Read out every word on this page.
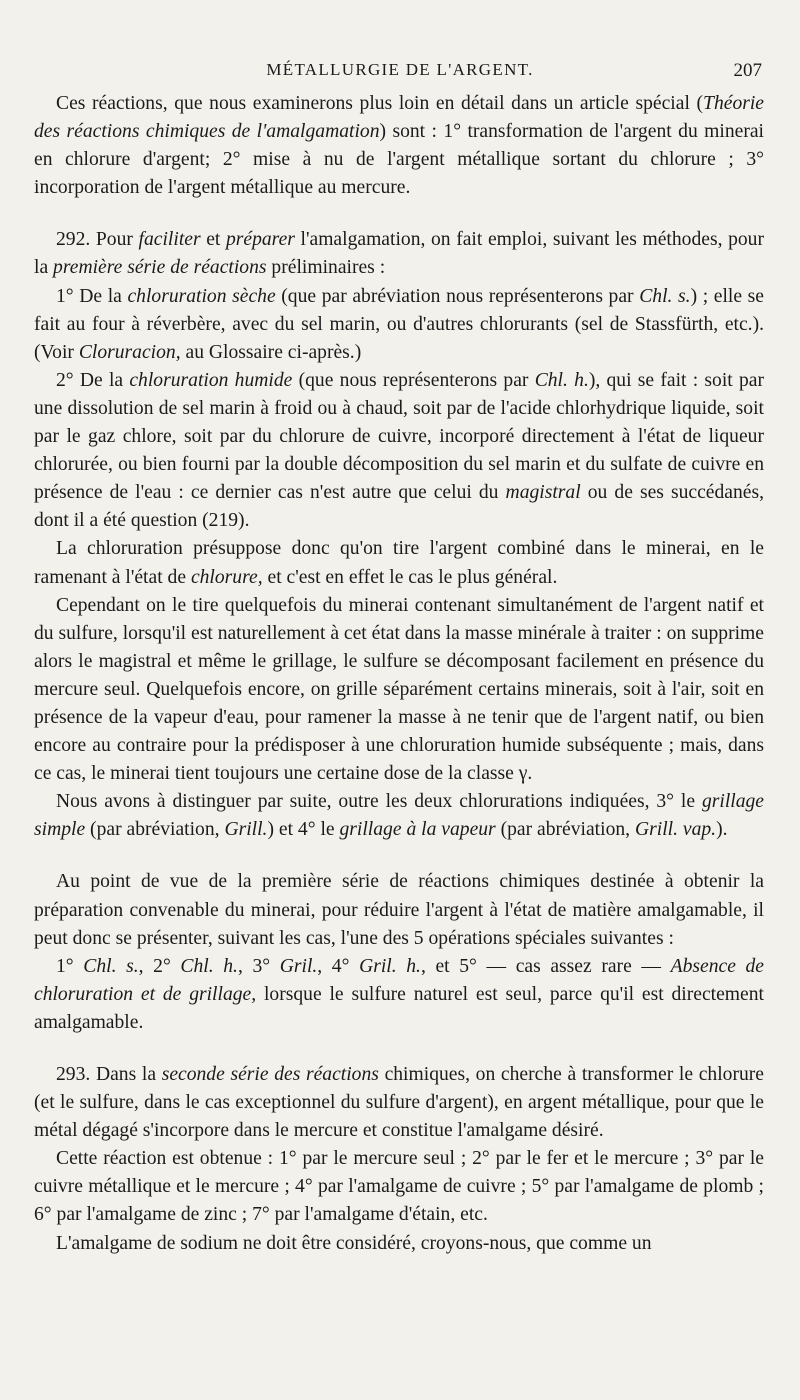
MÉTALLURGIE DE L'ARGENT.	207

Ces réactions, que nous examinerons plus loin en détail dans un article spécial (Théorie des réactions chimiques de l'amalgamation) sont : 1° transformation de l'argent du minerai en chlorure d'argent; 2° mise à nu de l'argent métallique sortant du chlorure ; 3° incorporation de l'argent métallique au mercure.

292. Pour faciliter et préparer l'amalgamation, on fait emploi, suivant les méthodes, pour la première série de réactions préliminaires :

1° De la chloruration sèche (que par abréviation nous représenterons par Chl. s.) ; elle se fait au four à réverbère, avec du sel marin, ou d'autres chlorurants (sel de Stassfürth, etc.). (Voir Cloruracion, au Glossaire ci-après.)

2° De la chloruration humide (que nous représenterons par Chl. h.), qui se fait : soit par une dissolution de sel marin à froid ou à chaud, soit par de l'acide chlorhydrique liquide, soit par le gaz chlore, soit par du chlorure de cuivre, incorporé directement à l'état de liqueur chlorurée, ou bien fourni par la double décomposition du sel marin et du sulfate de cuivre en présence de l'eau : ce dernier cas n'est autre que celui du magistral ou de ses succédanés, dont il a été question (219).

La chloruration présuppose donc qu'on tire l'argent combiné dans le minerai, en le ramenant à l'état de chlorure, et c'est en effet le cas le plus général.

Cependant on le tire quelquefois du minerai contenant simultanément de l'argent natif et du sulfure, lorsqu'il est naturellement à cet état dans la masse minérale à traiter : on supprime alors le magistral et même le grillage, le sulfure se décomposant facilement en présence du mercure seul. Quelquefois encore, on grille séparément certains minerais, soit à l'air, soit en présence de la vapeur d'eau, pour ramener la masse à ne tenir que de l'argent natif, ou bien encore au contraire pour la prédisposer à une chloruration humide subséquente ; mais, dans ce cas, le minerai tient toujours une certaine dose de la classe γ.

Nous avons à distinguer par suite, outre les deux chlorurations indiquées, 3° le grillage simple (par abréviation, Grill.) et 4° le grillage à la vapeur (par abréviation, Grill. vap.).

Au point de vue de la première série de réactions chimiques destinée à obtenir la préparation convenable du minerai, pour réduire l'argent à l'état de matière amalgamable, il peut donc se présenter, suivant les cas, l'une des 5 opérations spéciales suivantes :

1° Chl. s., 2° Chl. h., 3° Gril., 4° Gril. h., et 5° — cas assez rare — Absence de chloruration et de grillage, lorsque le sulfure naturel est seul, parce qu'il est directement amalgamable.

293. Dans la seconde série des réactions chimiques, on cherche à transformer le chlorure (et le sulfure, dans le cas exceptionnel du sulfure d'argent), en argent métallique, pour que le métal dégagé s'incorpore dans le mercure et constitue l'amalgame désiré.

Cette réaction est obtenue : 1° par le mercure seul ; 2° par le fer et le mercure ; 3° par le cuivre métallique et le mercure ; 4° par l'amalgame de cuivre ; 5° par l'amalgame de plomb ; 6° par l'amalgame de zinc ; 7° par l'amalgame d'étain, etc.

L'amalgame de sodium ne doit être considéré, croyons-nous, que comme un
